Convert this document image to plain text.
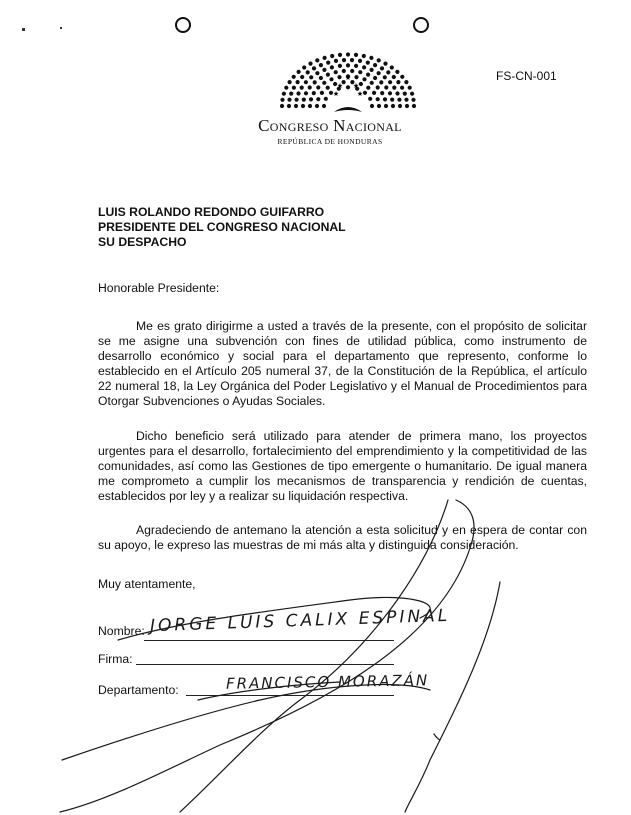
★
★ ★
★	★
FS-CN-001
Congreso Nacional
REPÚBLICA DE HONDURAS
LUIS ROLANDO REDONDO GUIFARRO
PRESIDENTE DEL CONGRESO NACIONAL
SU DESPACHO
Honorable Presidente:
Me es grato dirigirme a usted a través de la presente, con el propósito de solicitar se me asigne una subvención con fines de utilidad pública, como instrumento de desarrollo económico y social para el departamento que represento, conforme lo establecido en el Artículo 205 numeral 37, de la Constitución de la República, el artículo 22 numeral 18, la Ley Orgánica del Poder Legislativo y el Manual de Procedimientos para Otorgar Subvenciones o Ayudas Sociales.
Dicho beneficio será utilizado para atender de primera mano, los proyectos urgentes para el desarrollo, fortalecimiento del emprendimiento y la competitividad de las comunidades, así como las Gestiones de tipo emergente o humanitario. De igual manera me comprometo a cumplir los mecanismos de transparencia y rendición de cuentas, establecidos por ley y a realizar su liquidación respectiva.
Agradeciendo de antemano la atención a esta solicitud y en espera de contar con su apoyo, le expreso las muestras de mi más alta y distinguida consideración.
Muy atentamente,
Nombre: JORGE LUIS CALIX ESPINAL
Firma:
Departamento:	FRANCISCO MORAZÁN
